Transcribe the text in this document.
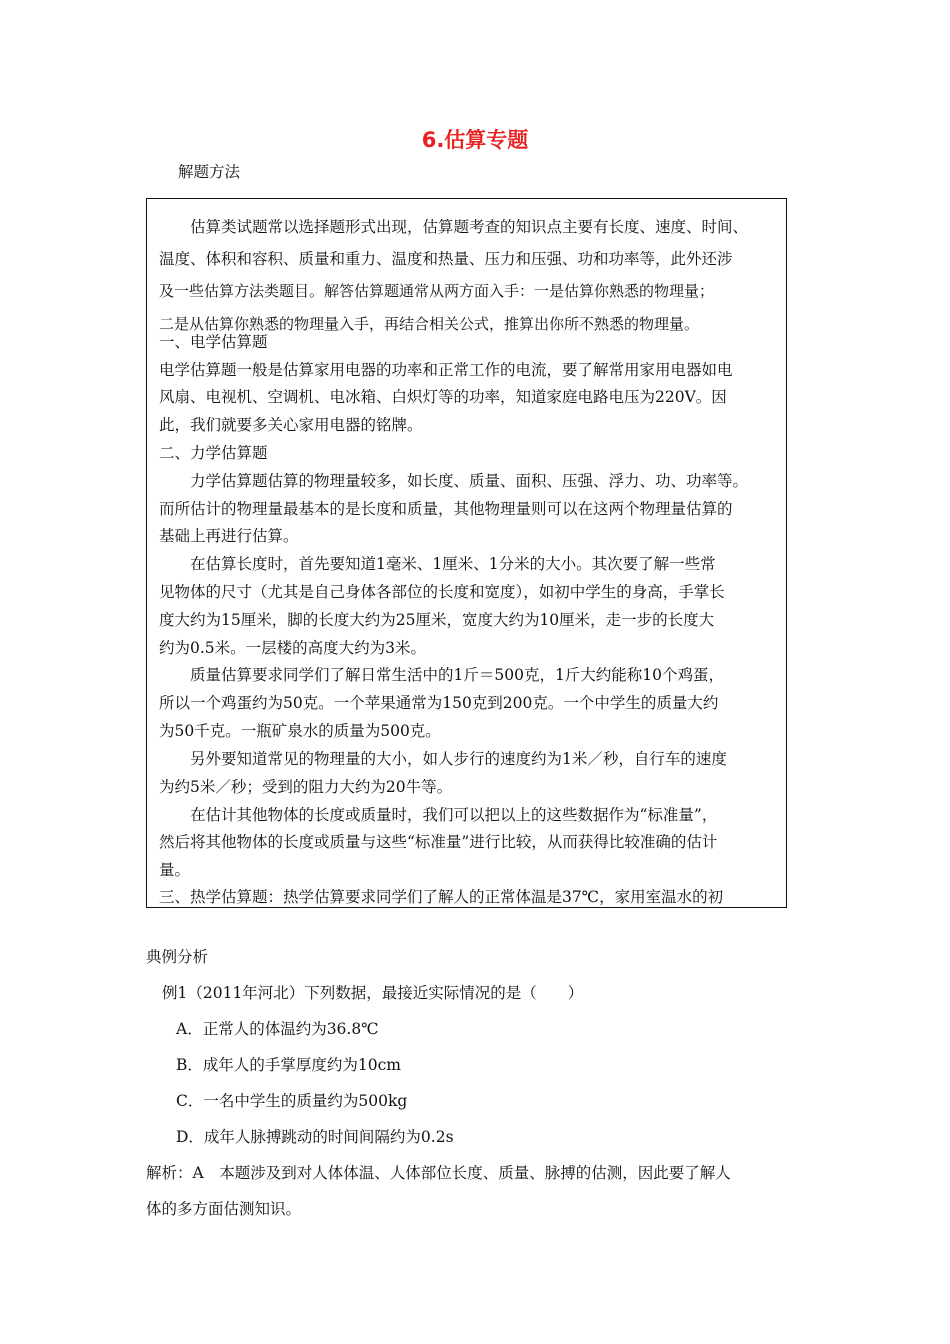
6.估算专题
解题方法
　　估算类试题常以选择题形式出现，估算题考查的知识点主要有长度、速度、时间、
温度、体积和容积、质量和重力、温度和热量、压力和压强、功和功率等，此外还涉
及一些估算方法类题目。解答估算题通常从两方面入手：一是估算你熟悉的物理量；
二是从估算你熟悉的物理量入手，再结合相关公式，推算出你所不熟悉的物理量。
一、电学估算题
电学估算题一般是估算家用电器的功率和正常工作的电流，要了解常用家用电器如电
风扇、电视机、空调机、电冰箱、白炽灯等的功率，知道家庭电路电压为220V。因
此，我们就要多关心家用电器的铭牌。
二、力学估算题
　　力学估算题估算的物理量较多，如长度、质量、面积、压强、浮力、功、功率等。
而所估计的物理量最基本的是长度和质量，其他物理量则可以在这两个物理量估算的
基础上再进行估算。
　　在估算长度时，首先要知道1毫米、1厘米、1分米的大小。其次要了解一些常
见物体的尺寸（尤其是自己身体各部位的长度和宽度），如初中学生的身高，手掌长
度大约为15厘米，脚的长度大约为25厘米，宽度大约为10厘米，走一步的长度大
约为0.5米。一层楼的高度大约为3米。
　　质量估算要求同学们了解日常生活中的1斤＝500克，1斤大约能称10个鸡蛋，
所以一个鸡蛋约为50克。一个苹果通常为150克到200克。一个中学生的质量大约
为50千克。一瓶矿泉水的质量为500克。
　　另外要知道常见的物理量的大小，如人步行的速度约为1米／秒，自行车的速度
为约5米／秒；受到的阻力大约为20牛等。
　　在估计其他物体的长度或质量时，我们可以把以上的这些数据作为“标准量”，
然后将其他物体的长度或质量与这些“标准量”进行比较，从而获得比较准确的估计
量。
三、热学估算题：热学估算要求同学们了解人的正常体温是37℃，家用室温水的初
典例分析
例1（2011年河北）下列数据，最接近实际情况的是（　　）
A．正常人的体温约为36.8℃
B．成年人的手掌厚度约为10cm
C．一名中学生的质量约为500kg
D．成年人脉搏跳动的时间间隔约为0.2s
解析：A　本题涉及到对人体体温、人体部位长度、质量、脉搏的估测，因此要了解人
体的多方面估测知识。
